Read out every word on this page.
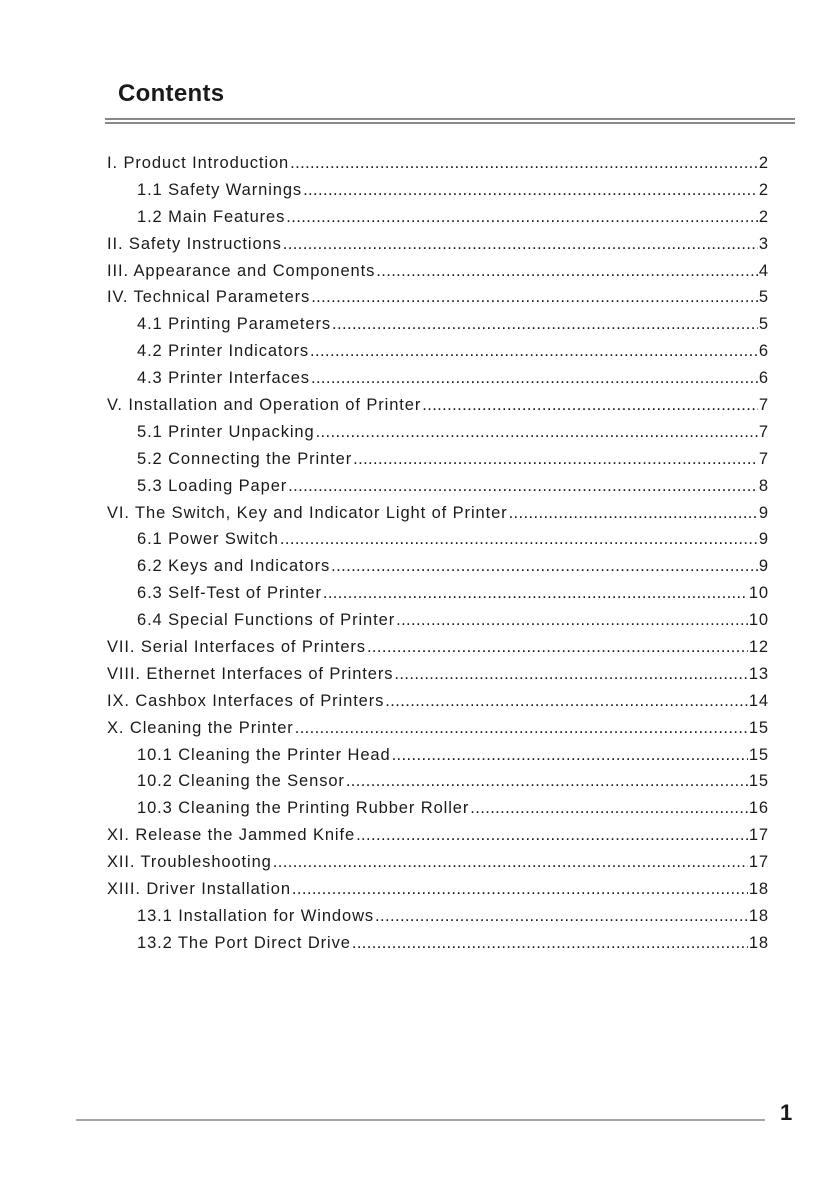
Contents
I. Product Introduction .....	2
1.1 Safety Warnings .....	2
1.2 Main Features .....	2
II. Safety Instructions .....	3
III. Appearance and Components .....	4
IV. Technical Parameters .....	5
4.1 Printing Parameters .....	5
4.2 Printer Indicators .....	6
4.3 Printer Interfaces .....	6
V. Installation and Operation of Printer .....	7
5.1 Printer Unpacking .....	7
5.2 Connecting the Printer .....	7
5.3 Loading Paper .....	8
VI. The Switch, Key and Indicator Light of Printer .....	9
6.1 Power Switch .....	9
6.2 Keys and Indicators .....	9
6.3 Self-Test of Printer .....	10
6.4 Special Functions of Printer .....	10
VII. Serial Interfaces of Printers .....	12
VIII. Ethernet Interfaces of Printers .....	13
IX. Cashbox Interfaces of Printers .....	14
X. Cleaning the Printer .....	15
10.1 Cleaning the Printer Head .....	15
10.2 Cleaning the Sensor .....	15
10.3 Cleaning the Printing Rubber Roller .....	16
XI. Release the Jammed Knife .....	17
XII. Troubleshooting .....	17
XIII. Driver Installation .....	18
13.1 Installation for Windows .....	18
13.2 The Port Direct Drive .....	18
1
